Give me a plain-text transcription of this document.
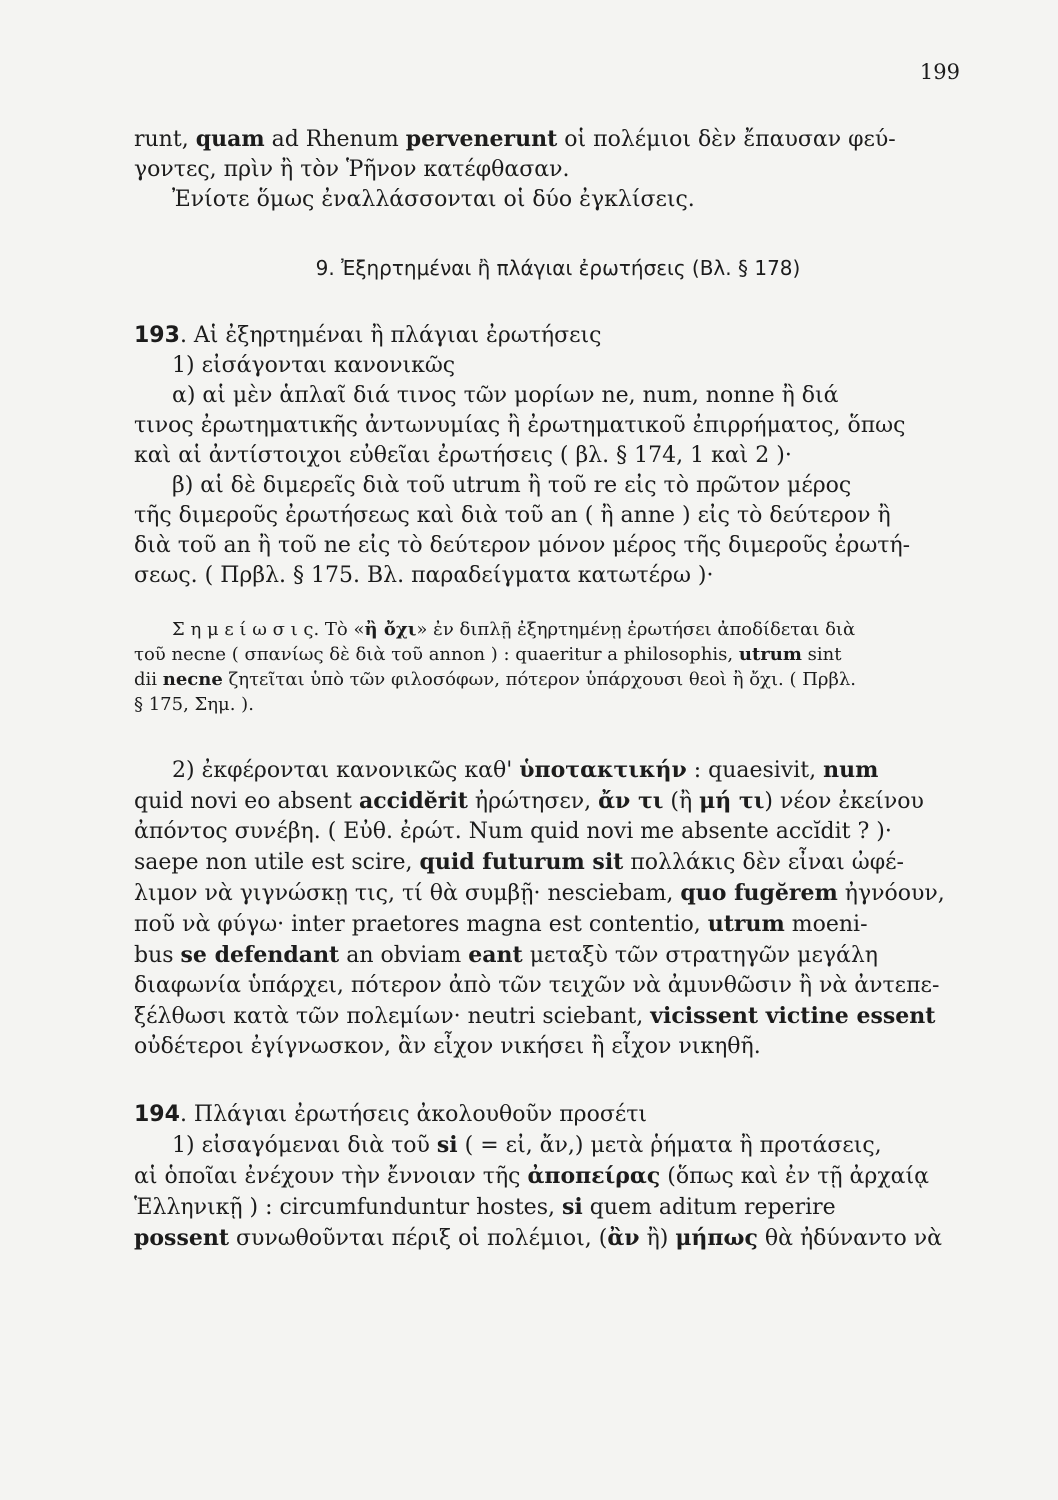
199
runt, quam ad Rhenum pervenerunt οἱ πολέμιοι δὲν ἔπαυσαν φεύ-
γοντες, πρὶν ἢ τὸν Ῥῆνον κατέφθασαν.
Ἐνίοτε ὅμως ἐναλλάσσονται οἱ δύο ἐγκλίσεις.
9. Ἐξηρτημέναι ἢ πλάγιαι ἐρωτήσεις (Βλ. § 178)
193. Αἱ ἐξηρτημέναι ἢ πλάγιαι ἐρωτήσεις
1) εἰσάγονται κανονικῶς
α) αἱ μὲν ἁπλαῖ διά τινος τῶν μορίων ne, num, nonne ἢ διά
τινος ἐρωτηματικῆς ἀντωνυμίας ἢ ἐρωτηματικοῦ ἐπιρρήματος, ὅπως
καὶ αἱ ἀντίστοιχοι εὐθεῖαι ἐρωτήσεις ( βλ. § 174, 1 καὶ 2 )·
β) αἱ δὲ διμερεῖς διὰ τοῦ utrum ἢ τοῦ re εἰς τὸ πρῶτον μέρος
τῆς διμεροῦς ἐρωτήσεως καὶ διὰ τοῦ an ( ἢ anne ) εἰς τὸ δεύτερον ἢ
διὰ τοῦ an ἢ τοῦ ne εἰς τὸ δεύτερον μόνον μέρος τῆς διμεροῦς ἐρωτή-
σεως. ( Πρβλ. § 175. Βλ. παραδείγματα κατωτέρω )·
Σ η μ ε ί ω σ ι ς. Τὸ «ἢ ὄχι» ἐν διπλῇ ἐξηρτημένῃ ἐρωτήσει ἀποδίδεται διὰ
τοῦ necne ( σπανίως δὲ διὰ τοῦ annon ) : quaeritur a philosophis, utrum sint
dii necne ζητεῖται ὑπὸ τῶν φιλοσόφων, πότερον ὑπάρχουσι θεοὶ ἢ ὄχι. ( Πρβλ.
§ 175, Σημ. ).
2) ἐκφέρονται κανονικῶς καθ' ὑποτακτικήν : quaesivit, num
quid novi eo absent accidĕrit ἠρώτησεν, ἄν τι (ἢ μή τι) νέον ἐκείνου
ἀπόντος συνέβη. ( Εὐθ. ἐρώτ. Num quid novi me absente accĭdit ? )·
saepe non utile est scire, quid futurum sit πολλάκις δὲν εἶναι ὠφέ-
λιμον νὰ γιγνώσκῃ τις, τί θὰ συμβῇ· nesciebam, quo fugĕrem ἠγνόουν,
ποῦ νὰ φύγω· inter praetores magna est contentio, utrum moeni-
bus se defendant an obviam eant μεταξὺ τῶν στρατηγῶν μεγάλη
διαφωνία ὑπάρχει, πότερον ἀπὸ τῶν τειχῶν νὰ ἀμυνθῶσιν ἢ νὰ ἀντεπε-
ξέλθωσι κατὰ τῶν πολεμίων· neutri sciebant, vicissent victine essent
οὐδέτεροι ἐγίγνωσκον, ἂν εἶχον νικήσει ἢ εἶχον νικηθῆ.
194. Πλάγιαι ἐρωτήσεις ἀκολουθοῦν προσέτι
1) εἰσαγόμεναι διὰ τοῦ si ( = εἰ, ἄν,) μετὰ ῥήματα ἢ προτάσεις,
αἱ ὁποῖαι ἐνέχουν τὴν ἔννοιαν τῆς ἀποπείρας (ὅπως καὶ ἐν τῇ ἀρχαίᾳ
Ἑλληνικῇ ) : circumfunduntur hostes, si quem aditum reperire
possent συνωθοῦνται πέριξ οἱ πολέμιοι, (ἂν ἢ) μήπως θὰ ἠδύναντο νὰ
